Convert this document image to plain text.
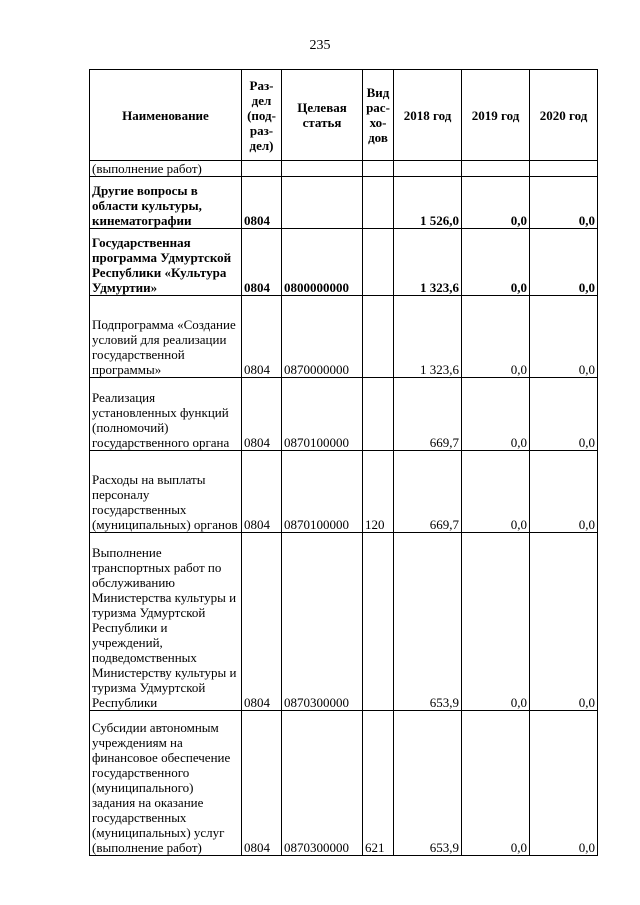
235
Наименование	Раз- дел (под- раз- дел)	Целевая статья	Вид рас- хо- дов	2018 год	2019 год	2020 год
(выполнение работ)						
Другие вопросы в области культуры, кинематографии	0804			1 526,0	0,0	0,0
Государственная программа Удмуртской Республики «Культура Удмуртии»	0804	0800000000		1 323,6	0,0	0,0
Подпрограмма «Создание условий для реализации государственной программы»	0804	0870000000		1 323,6	0,0	0,0
Реализация установленных функций (полномочий) государственного органа	0804	0870100000		669,7	0,0	0,0
Расходы на выплаты персоналу государственных (муниципальных) органов	0804	0870100000	120	669,7	0,0	0,0
Выполнение транспортных работ по обслуживанию Министерства культуры и туризма Удмуртской Республики и учреждений, подведомственных Министерству культуры и туризма Удмуртской Республики	0804	0870300000		653,9	0,0	0,0
Субсидии автономным учреждениям на финансовое обеспечение государственного (муниципального) задания на оказание государственных (муниципальных) услуг (выполнение работ)	0804	0870300000	621	653,9	0,0	0,0
